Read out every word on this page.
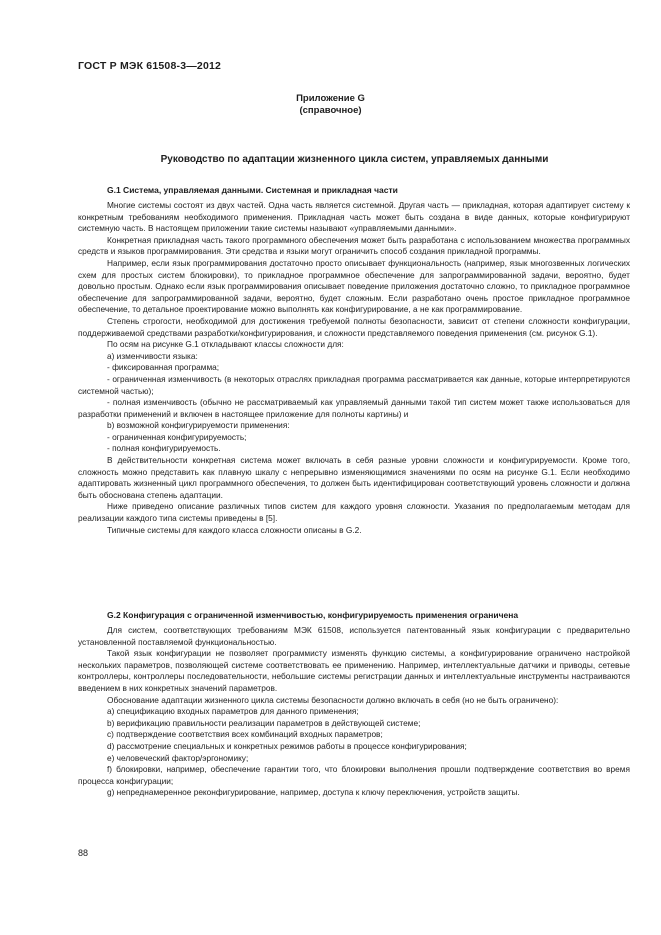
ГОСТ Р МЭК 61508-3—2012
Приложение G
(справочное)
Руководство по адаптации жизненного цикла систем, управляемых данными
G.1 Система, управляемая данными. Системная и прикладная части

Многие системы состоят из двух частей. Одна часть является системной. Другая часть — прикладная, которая адаптирует систему к конкретным требованиям необходимого применения. Прикладная часть может быть создана в виде данных, которые конфигурируют системную часть. В настоящем приложении такие системы называют «управляемыми данными».

Конкретная прикладная часть такого программного обеспечения может быть разработана с использованием множества программных средств и языков программирования. Эти средства и языки могут ограничить способ создания прикладной программы.

Например, если язык программирования достаточно просто описывает функциональность (например, язык многозвенных логических схем для простых систем блокировки), то прикладное программное обеспечение для запрограммированной задачи, вероятно, будет довольно простым. Однако если язык программирования описывает поведение приложения достаточно сложно, то прикладное программное обеспечение для запрограммированной задачи, вероятно, будет сложным. Если разработано очень простое прикладное программное обеспечение, то детальное проектирование можно выполнять как конфигурирование, а не как программирование.

Степень строгости, необходимой для достижения требуемой полноты безопасности, зависит от степени сложности конфигурации, поддерживаемой средствами разработки/конфигурирования, и сложности представляемого поведения применения (см. рисунок G.1).

По осям на рисунке G.1 откладывают классы сложности для:

a) изменчивости языка:

- фиксированная программа;

- ограниченная изменчивость (в некоторых отраслях прикладная программа рассматривается как данные, которые интерпретируются системной частью);

- полная изменчивость (обычно не рассматриваемый как управляемый данными такой тип систем может также использоваться для разработки применений и включен в настоящее приложение для полноты картины) и

b) возможной конфигурируемости применения:

- ограниченная конфигурируемость;

- полная конфигурируемость.

В действительности конкретная система может включать в себя разные уровни сложности и конфигурируемости. Кроме того, сложность можно представить как плавную шкалу с непрерывно изменяющимися значениями по осям на рисунке G.1. Если необходимо адаптировать жизненный цикл программного обеспечения, то должен быть идентифицирован соответствующий уровень сложности и должна быть обоснована степень адаптации.

Ниже приведено описание различных типов систем для каждого уровня сложности. Указания по предполагаемым методам для реализации каждого типа системы приведены в [5].

Типичные системы для каждого класса сложности описаны в G.2.

G.2 Конфигурация с ограниченной изменчивостью, конфигурируемость применения ограничена

Для систем, соответствующих требованиям МЭК 61508, используется патентованный язык конфигурации с предварительно установленной поставляемой функциональностью.

Такой язык конфигурации не позволяет программисту изменять функцию системы, а конфигурирование ограничено настройкой нескольких параметров, позволяющей системе соответствовать ее применению. Например, интеллектуальные датчики и приводы, сетевые контроллеры, контроллеры последовательности, небольшие системы регистрации данных и интеллектуальные инструменты настраиваются введением в них конкретных значений параметров.

Обоснование адаптации жизненного цикла системы безопасности должно включать в себя (но не быть ограничено):

a) спецификацию входных параметров для данного применения;

b) верификацию правильности реализации параметров в действующей системе;

c) подтверждение соответствия всех комбинаций входных параметров;

d) рассмотрение специальных и конкретных режимов работы в процессе конфигурирования;

e) человеческий фактор/эргономику;

f) блокировки, например, обеспечение гарантии того, что блокировки выполнения прошли подтверждение соответствия во время процесса конфигурации;

g) непреднамеренное реконфигурирование, например, доступа к ключу переключения, устройств защиты.

88
